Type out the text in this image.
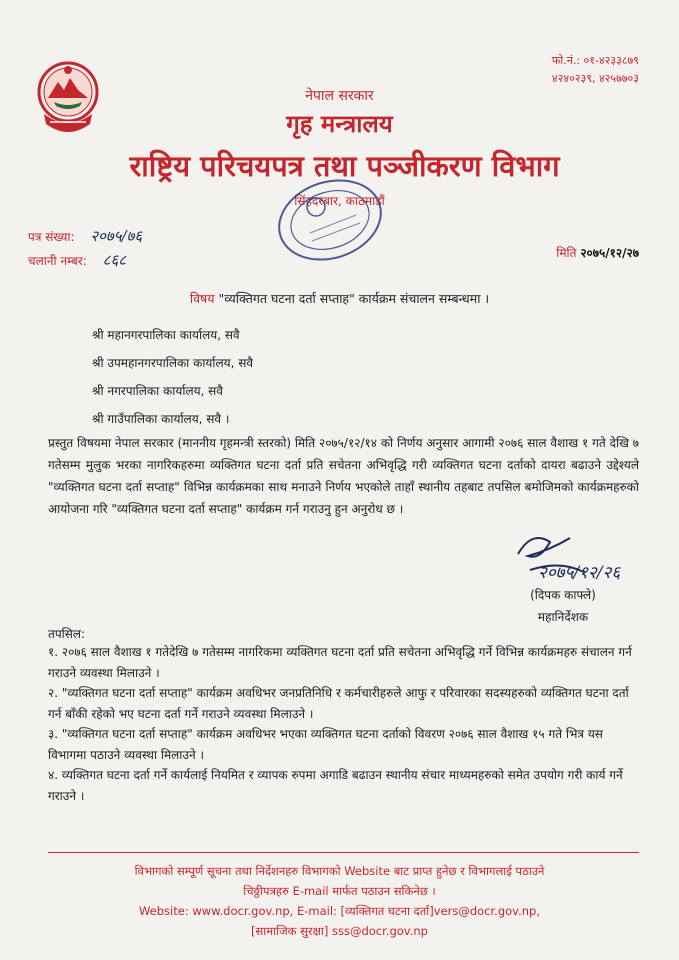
फो.नं.: ०१-४२३३८७९
४२४०२३९, ४२५७७०३
नेपाल सरकार
गृह मन्त्रालय
राष्ट्रिय परिचयपत्र तथा पञ्जीकरण विभाग
सिंहदरबार, काठमाडौं
पत्र संख्या: २०७५/७६
चलानी नम्बर: ८६८	मिति २०७५/१२/२७
विषय "व्यक्तिगत घटना दर्ता सप्ताह" कार्यक्रम संचालन सम्बन्धमा ।
श्री महानगरपालिका कार्यालय, सवै
श्री उपमहानगरपालिका कार्यालय, सवै
श्री नगरपालिका कार्यालय, सवै
श्री गाउँपालिका कार्यालय, सवै ।
प्रस्तुत विषयमा नेपाल सरकार (माननीय गृहमन्त्री स्तरको) मिति २०७५/१२/१४ को निर्णय अनुसार आगामी २०७६ साल वैशाख १ गते देखि ७ गतेसम्म मुलुक भरका नागरिकहरुमा व्यक्तिगत घटना दर्ता प्रति सचेतना अभिवृद्धि गरी व्यक्तिगत घटना दर्ताको दायरा बढाउने उद्देश्यले "व्यक्तिगत घटना दर्ता सप्ताह" विभिन्न कार्यक्रमका साथ मनाउने निर्णय भएकोले ताहाँ स्थानीय तहबाट तपसिल बमोजिमको कार्यक्रमहरुको आयोजना गरि "व्यक्तिगत घटना दर्ता सप्ताह" कार्यक्रम गर्न गराउनु हुन अनुरोध छ ।
२०७५/१२/२६
(दिपक काफ्ले)
महानिर्देशक
तपसिल:

१. २०७६ साल वैशाख १ गतेदेखि ७ गतेसम्म नागरिकमा व्यक्तिगत घटना दर्ता प्रति सचेतना अभिवृद्धि गर्ने विभिन्न कार्यक्रमहरु संचालन गर्न गराउने व्यवस्था मिलाउने ।

२. "व्यक्तिगत घटना दर्ता सप्ताह" कार्यक्रम अवधिभर जनप्रतिनिधि र कर्मचारीहरुले आफु र परिवारका सदस्यहरुको व्यक्तिगत घटना दर्ता गर्न बाँकी रहेको भए घटना दर्ता गर्ने गराउने व्यवस्था मिलाउने ।

३. "व्यक्तिगत घटना दर्ता सप्ताह" कार्यक्रम अवधिभर भएका व्यक्तिगत घटना दर्ताको विवरण २०७६ साल वैशाख १५ गते भित्र यस विभागमा पठाउने व्यवस्था मिलाउने ।

४. व्यक्तिगत घटना दर्ता गर्ने कार्यलाई नियमित र व्यापक रुपमा अगाडि बढाउन स्थानीय संचार माध्यमहरुको समेत उपयोग गरी कार्य गर्ने गराउने ।

विभागको सम्पूर्ण सूचना तथा निर्देशनहरु विभागको Website बाट प्राप्त हुनेछ र विभागलाई पठाउने
चिठ्ठीपत्रहरु E-mail मार्फत पठाउन सकिनेछ ।
Website: www.docr.gov.np, E-mail: [व्यक्तिगत घटना दर्ता]vers@docr.gov.np,
[सामाजिक सुरक्षा] sss@docr.gov.np
